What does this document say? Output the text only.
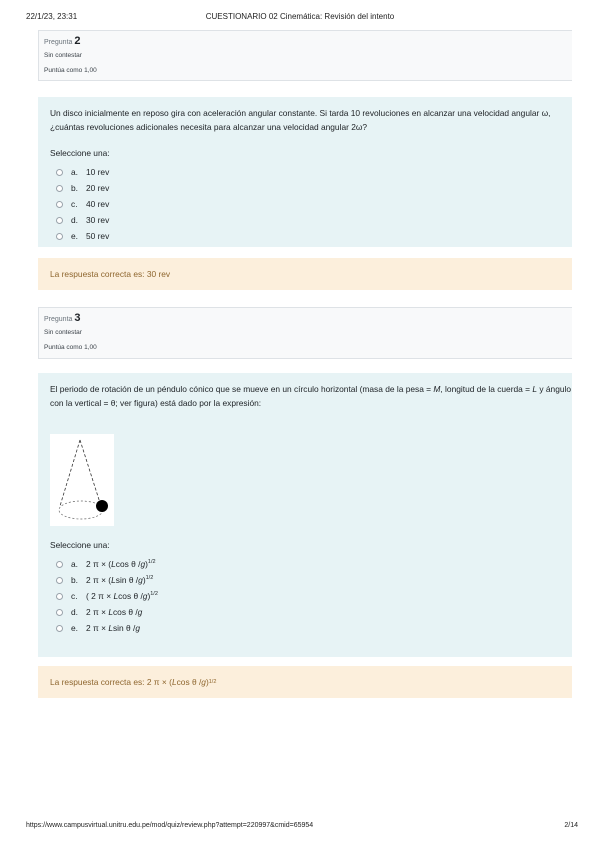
22/1/23, 23:31	CUESTIONARIO 02 Cinemática: Revisión del intento
Pregunta 2
Sin contestar
Puntúa como 1,00
Un disco inicialmente en reposo gira con aceleración angular constante. Si tarda 10 revoluciones en alcanzar una velocidad angular ω,
¿cuántas revoluciones adicionales necesita para alcanzar una velocidad angular 2ω?
Seleccione una:
a. 10 rev
b. 20 rev
c.	40 rev
d. 30 rev
e. 50 rev
La respuesta correcta es: 30 rev
Pregunta 3
Sin contestar
Puntúa como 1,00
El periodo de rotación de un péndulo cónico que se mueve en un círculo horizontal (masa de la pesa = M, longitud de la cuerda = L y ángulo
con la vertical = θ; ver figura) está dado por la expresión:
Seleccione una:
a. 2 π × (Lcos θ /g)$^{1/2}$
b. 2 π × (Lsin θ /g)$^{1/2}$
c.	( 2 π × Lcos θ /g)$^{1/2}$
d. 2 π × Lcos θ /g
e. 2 π × Lsin θ /g
La respuesta correcta es: 2 π × ( L cos θ / g ) 1/2
https://www.campusvirtual.unitru.edu.pe/mod/quiz/review.php?attempt=220997&cmid=65954	2/14
